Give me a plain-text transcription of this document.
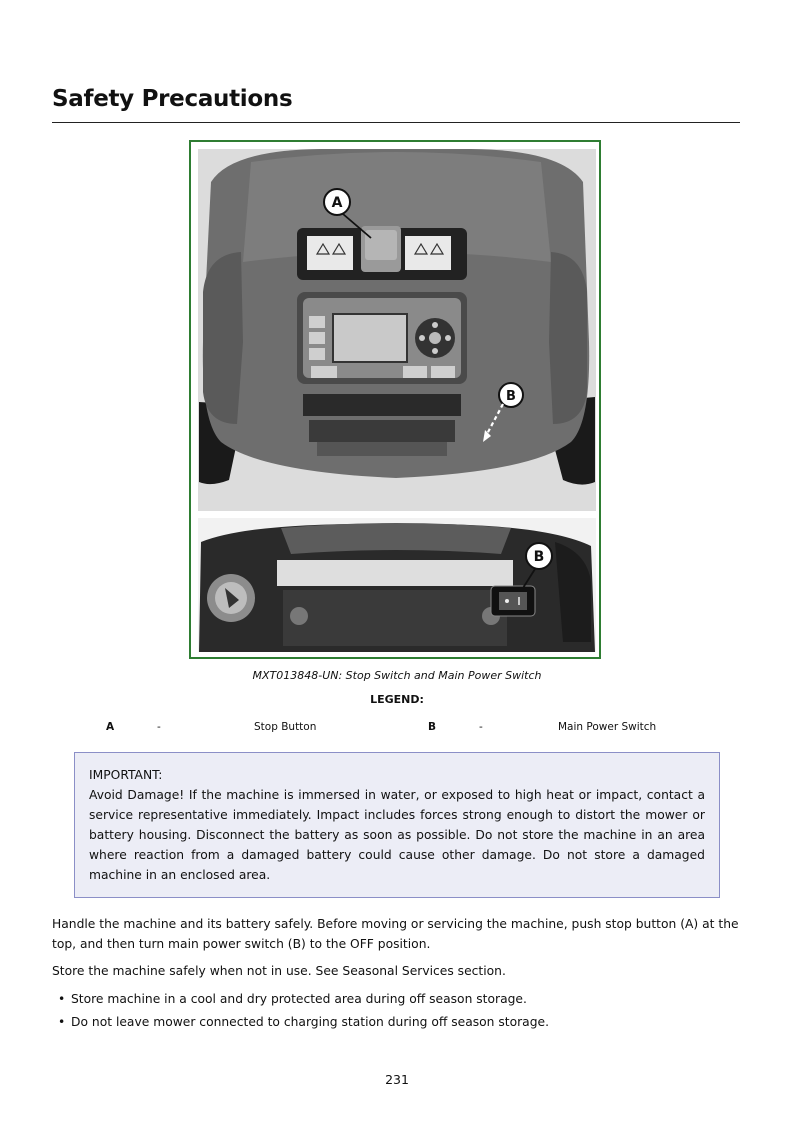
Safety Precautions
A
B
B
MXT013848-UN: Stop Switch and Main Power Switch
LEGEND:
A	-	Stop Button	B	-	Main Power Switch
IMPORTANT:
Avoid Damage! If the machine is immersed in water, or exposed to high heat or impact, contact a service representative immediately. Impact includes forces strong enough to distort the mower or battery housing. Disconnect the battery as soon as possible. Do not store the machine in an area where reaction from a damaged battery could cause other damage. Do not store a damaged machine in an enclosed area.

Handle the machine and its battery safely. Before moving or servicing the machine, push stop button (A) at the top, and then turn main power switch (B) to the OFF position.

Store the machine safely when not in use. See Seasonal Services section.

• Store machine in a cool and dry protected area during off season storage.
• Do not leave mower connected to charging station during off season storage.
231
